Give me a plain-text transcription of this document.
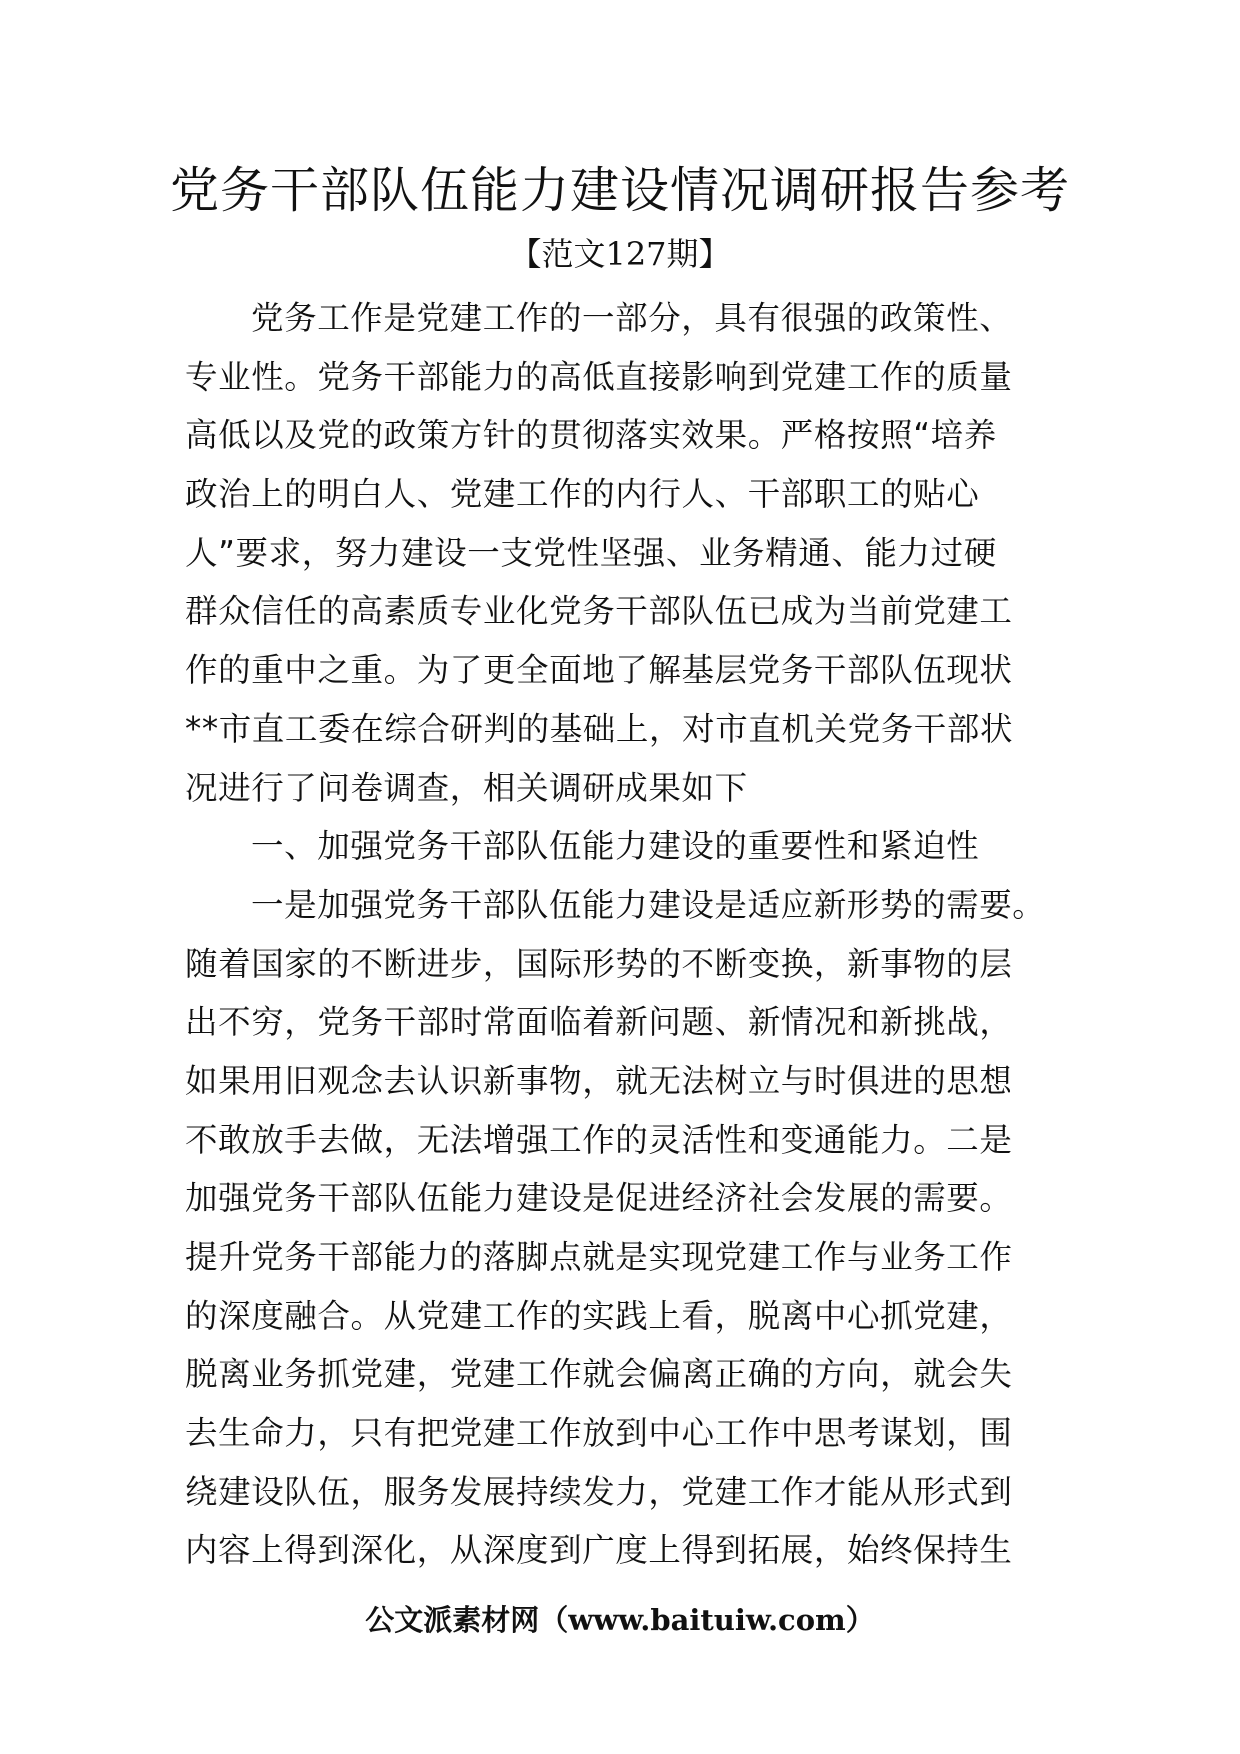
党务干部队伍能力建设情况调研报告参考

【范文127期】

党务工作是党建工作的一部分，具有很强的政策性、
专业性。党务干部能力的高低直接影响到党建工作的质量
高低以及党的政策方针的贯彻落实效果。严格按照“培养
政治上的明白人、党建工作的内行人、干部职工的贴心
人”要求，努力建设一支党性坚强、业务精通、能力过硬
群众信任的高素质专业化党务干部队伍已成为当前党建工
作的重中之重。为了更全面地了解基层党务干部队伍现状
**市直工委在综合研判的基础上，对市直机关党务干部状
况进行了问卷调查，相关调研成果如下
一、加强党务干部队伍能力建设的重要性和紧迫性
一是加强党务干部队伍能力建设是适应新形势的需要。
随着国家的不断进步，国际形势的不断变换，新事物的层
出不穷，党务干部时常面临着新问题、新情况和新挑战，
如果用旧观念去认识新事物，就无法树立与时俱进的思想
不敢放手去做，无法增强工作的灵活性和变通能力。二是
加强党务干部队伍能力建设是促进经济社会发展的需要。
提升党务干部能力的落脚点就是实现党建工作与业务工作
的深度融合。从党建工作的实践上看，脱离中心抓党建，
脱离业务抓党建，党建工作就会偏离正确的方向，就会失
去生命力，只有把党建工作放到中心工作中思考谋划，围
绕建设队伍，服务发展持续发力，党建工作才能从形式到
内容上得到深化，从深度到广度上得到拓展，始终保持生

公文派素材网（www.baituiw.com）
